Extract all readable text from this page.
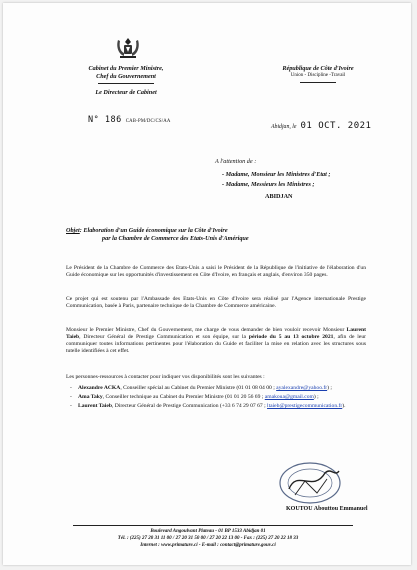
Cabinet du Premier Ministre,
Chef du Gouvernement
Le Directeur de Cabinet
N° 186 CAB-PM/DC/CS/AA
République de Côte d'Ivoire
Union - Discipline -Travail
Abidjan, le 01 OCT. 2021
A l'attention de :
- Madame, Monsieur les Ministres d'Etat ;
- Madame, Messieurs les Ministres ;
ABIDJAN
Objet: Elaboration d'un Guide économique sur la Côte d'Ivoire
par la Chambre de Commerce des Etats-Unis d'Amérique
Le Président de la Chambre de Commerce des Etats-Unis a saisi le Président de la République de l'initiative de l'élaboration d'un Guide économique sur les opportunités d'investissement en Côte d'Ivoire, en français et anglais, d'environ 350 pages.
Ce projet qui est soutenu par l'Ambassade des Etats-Unis en Côte d'Ivoire sera réalisé par l'Agence internationale Prestige Communication, basée à Paris, partenaire technique de la Chambre de Commerce américaine.
Monsieur le Premier Ministre, Chef du Gouvernement, me charge de vous demander de bien vouloir recevoir Monsieur Laurent Taieb, Directeur Général de Prestige Communication et son équipe, sur la période du 5 au 13 octobre 2021, afin de leur communiquer toutes informations pertinentes pour l'élaboration du Guide et faciliter la mise en relation avec les structures sous tutelle identifiées à cet effet.
Les personnes-ressources à contacter pour indiquer vos disponibilités sont les suivantes :
- Alexandre ACKA, Conseiller spécial au Cabinet du Premier Ministre (01 01 08 04 00 ; ayalexandre@yahoo.fr) ;
- Ama Taky, Conseiller technique au Cabinet du Premier Ministre (01 01 20 56 69 ; amakoua@gmail.com) ;
- Laurent Taieb, Directeur Général de Prestige Communication (+33 6 74 29 07 67 ; ltaieb@prestigecommunication.fr).
KOUTOU Abouttou Emmanuel
Boulevard Angoulvant Plateau - 01 BP 1533 Abidjan 01
Tél. : (225) 27 20 31 11 00 / 27 20 31 50 00 / 27 20 22 13 00 - Fax : (225) 27 20 22 18 33
Internet : www.primature.ci - E-mail : contact@primature.gouv.ci
